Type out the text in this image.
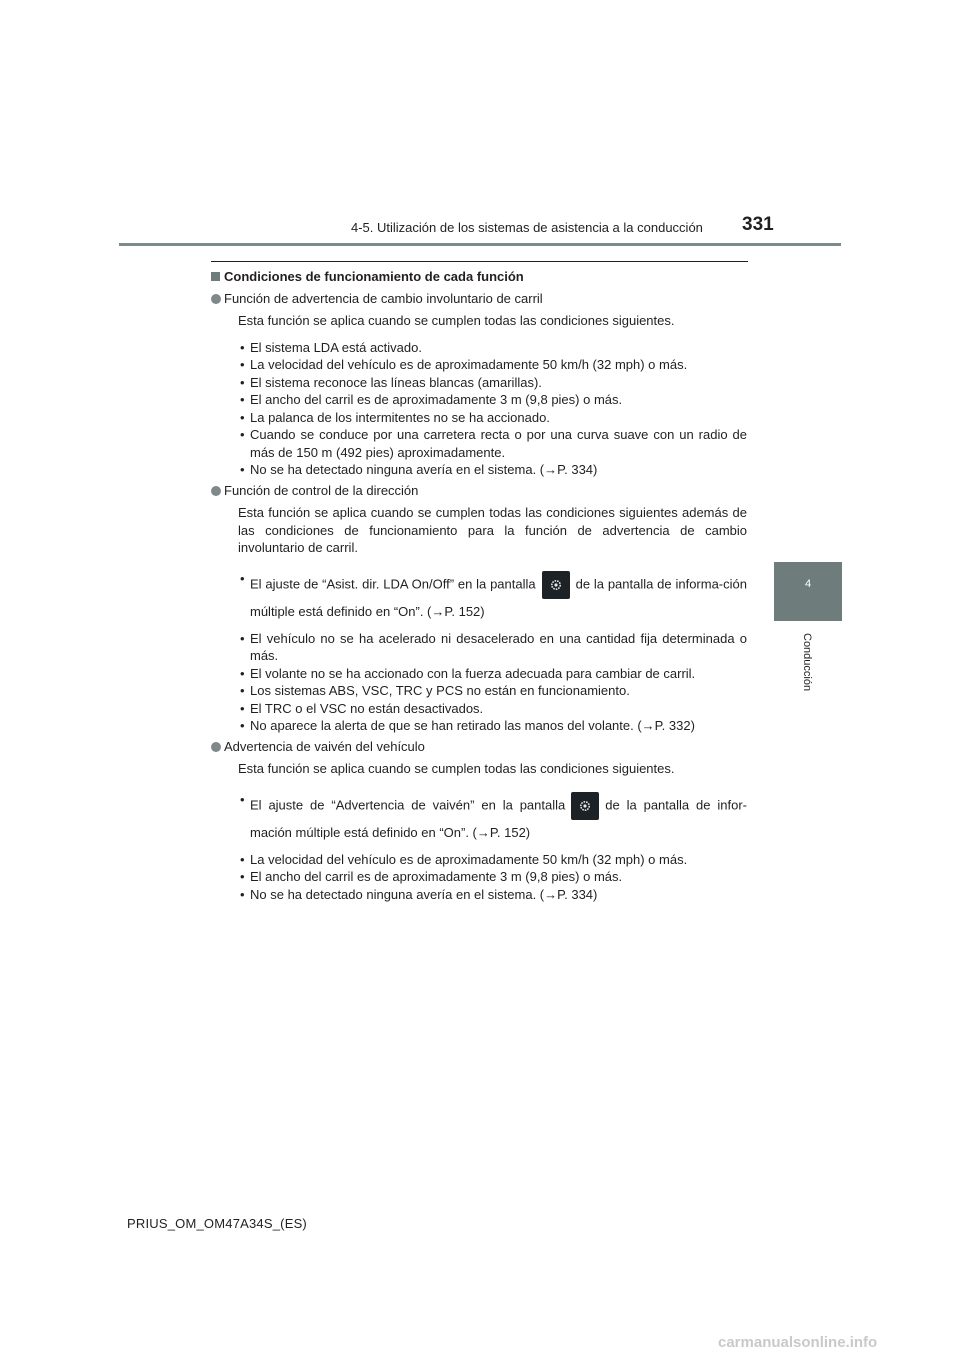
4-5. Utilización de los sistemas de asistencia a la conducción 331
4
Conducción

Condiciones de funcionamiento de cada función

Función de advertencia de cambio involuntario de carril

Esta función se aplica cuando se cumplen todas las condiciones siguientes.

• El sistema LDA está activado.
• La velocidad del vehículo es de aproximadamente 50 km/h (32 mph) o más.
• El sistema reconoce las líneas blancas (amarillas).
• El ancho del carril es de aproximadamente 3 m (9,8 pies) o más.
• La palanca de los intermitentes no se ha accionado.
• Cuando se conduce por una carretera recta o por una curva suave con un radio de más de 150 m (492 pies) aproximadamente.
• No se ha detectado ninguna avería en el sistema. (→P. 334)

Función de control de la dirección

Esta función se aplica cuando se cumplen todas las condiciones siguientes además de las condiciones de funcionamiento para la función de advertencia de cambio involuntario de carril.

• El ajuste de “Asist. dir. LDA On/Off” en la pantalla	de la pantalla de informa-ción múltiple está definido en “On”. (→P. 152)
• El vehículo no se ha acelerado ni desacelerado en una cantidad fija determinada o más.
• El volante no se ha accionado con la fuerza adecuada para cambiar de carril.
• Los sistemas ABS, VSC, TRC y PCS no están en funcionamiento.
• El TRC o el VSC no están desactivados.
• No aparece la alerta de que se han retirado las manos del volante. (→P. 332)

Advertencia de vaivén del vehículo

Esta función se aplica cuando se cumplen todas las condiciones siguientes.

• El ajuste de “Advertencia de vaivén” en la pantalla	de la pantalla de infor-mación múltiple está definido en “On”. (→P. 152)
• La velocidad del vehículo es de aproximadamente 50 km/h (32 mph) o más.
• El ancho del carril es de aproximadamente 3 m (9,8 pies) o más.
• No se ha detectado ninguna avería en el sistema. (→P. 334)
PRIUS_OM_OM47A34S_(ES)
carmanualsonline.info
